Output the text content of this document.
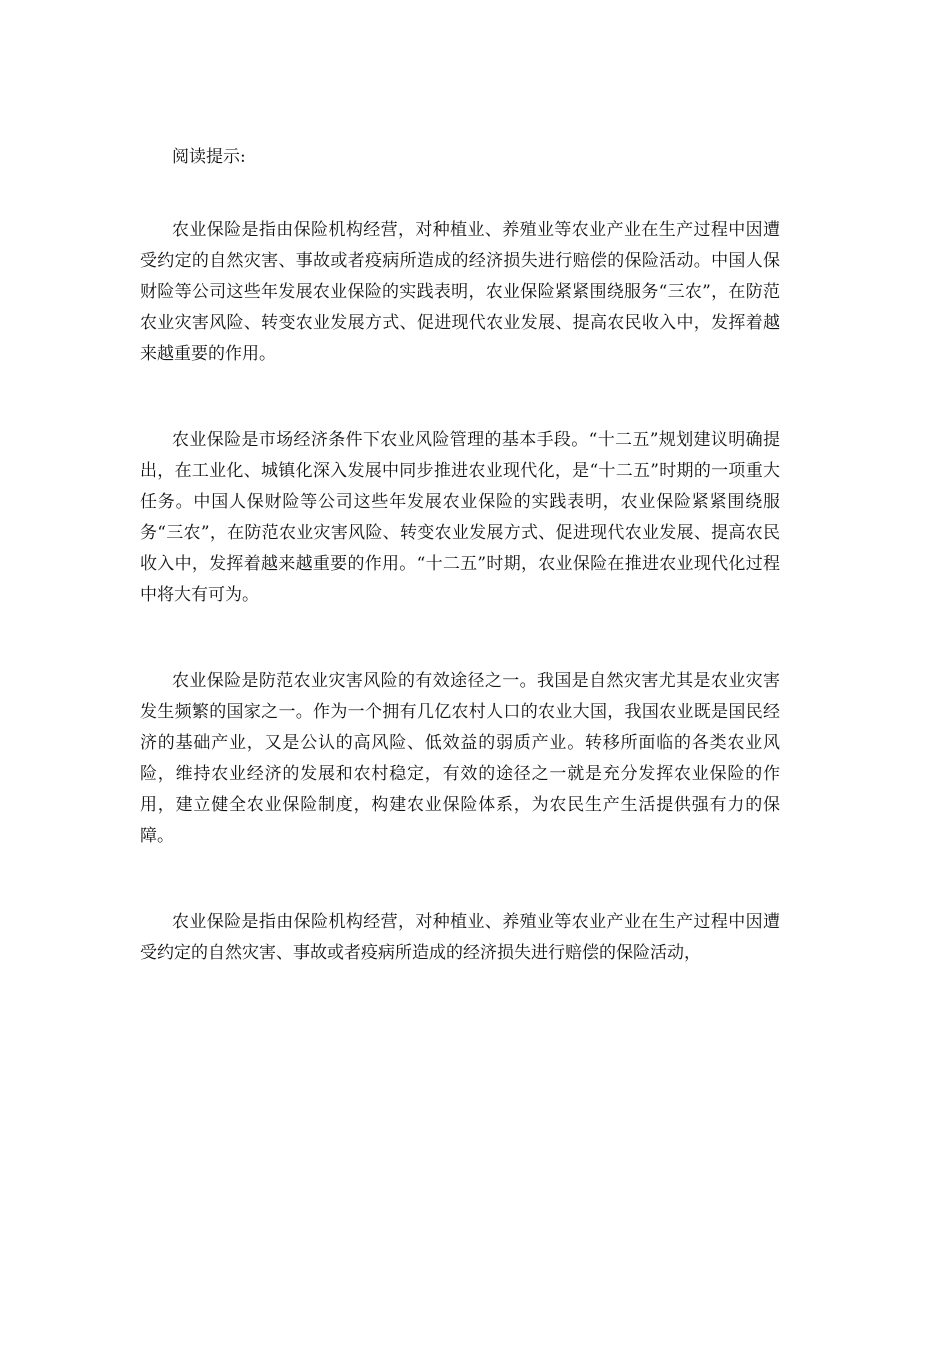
阅读提示:

农业保险是指由保险机构经营，对种植业、养殖业等农业产业在生产过程中因遭受约定的自然灾害、事故或者疫病所造成的经济损失进行赔偿的保险活动。中国人保财险等公司这些年发展农业保险的实践表明，农业保险紧紧围绕服务“三农”，在防范农业灾害风险、转变农业发展方式、促进现代农业发展、提高农民收入中，发挥着越来越重要的作用。

农业保险是市场经济条件下农业风险管理的基本手段。“十二五”规划建议明确提出，在工业化、城镇化深入发展中同步推进农业现代化，是“十二五”时期的一项重大任务。中国人保财险等公司这些年发展农业保险的实践表明，农业保险紧紧围绕服务“三农”，在防范农业灾害风险、转变农业发展方式、促进现代农业发展、提高农民收入中，发挥着越来越重要的作用。“十二五”时期，农业保险在推进农业现代化过程中将大有可为。

农业保险是防范农业灾害风险的有效途径之一。我国是自然灾害尤其是农业灾害发生频繁的国家之一。作为一个拥有几亿农村人口的农业大国，我国农业既是国民经济的基础产业，又是公认的高风险、低效益的弱质产业。转移所面临的各类农业风险，维持农业经济的发展和农村稳定，有效的途径之一就是充分发挥农业保险的作用，建立健全农业保险制度，构建农业保险体系，为农民生产生活提供强有力的保障。

农业保险是指由保险机构经营，对种植业、养殖业等农业产业在生产过程中因遭受约定的自然灾害、事故或者疫病所造成的经济损失进行赔偿的保险活动，
